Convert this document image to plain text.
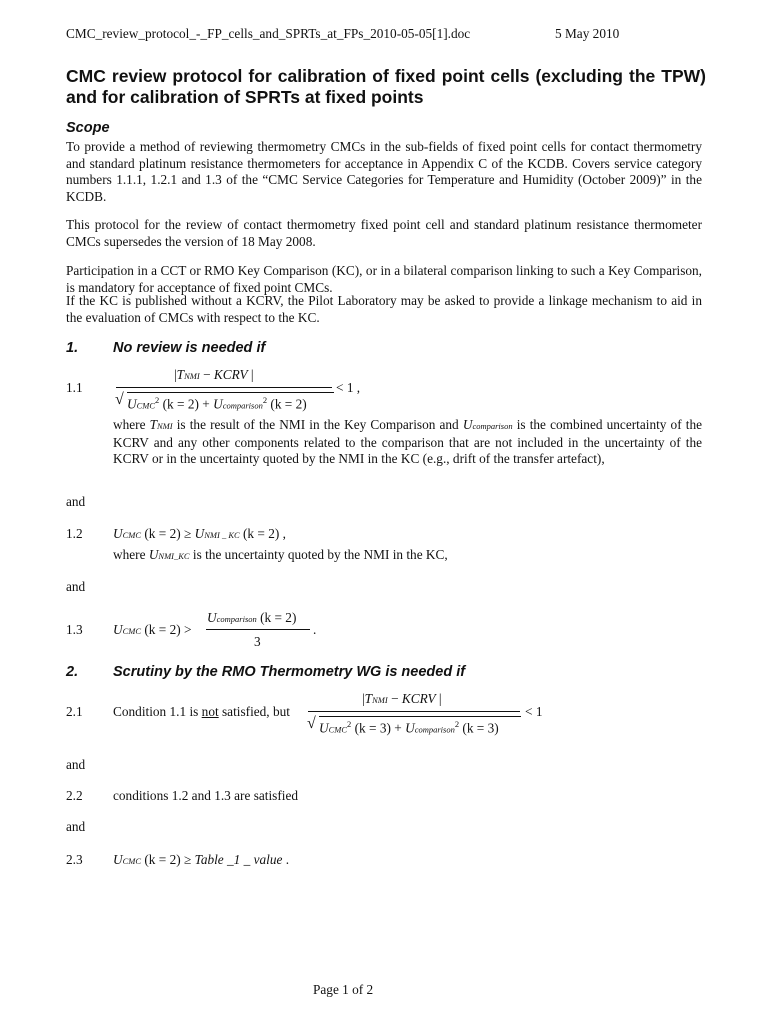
CMC_review_protocol_-_FP_cells_and_SPRTs_at_FPs_2010-05-05[1].doc	5 May 2010
CMC review protocol for calibration of fixed point cells (excluding the TPW) and for calibration of SPRTs at fixed points
Scope
To provide a method of reviewing thermometry CMCs in the sub-fields of fixed point cells for contact thermometry and standard platinum resistance thermometers for acceptance in Appendix C of the KCDB. Covers service category numbers 1.1.1, 1.2.1 and 1.3 of the “CMC Service Categories for Temperature and Humidity (October 2009)” in the KCDB.
This protocol for the review of contact thermometry fixed point cell and standard platinum resistance thermometer CMCs supersedes the version of 18 May 2008.
Participation in a CCT or RMO Key Comparison (KC), or in a bilateral comparison linking to such a Key Comparison, is mandatory for acceptance of fixed point CMCs.
If the KC is published without a KCRV, the Pilot Laboratory may be asked to provide a linkage mechanism to aid in the evaluation of CMCs with respect to the KC.
1. No review is needed if
1.1
|TNMI − KCRV |
√ UCMC$^2$ (k = 2) + Ucomparison$^2$ (k = 2)
< 1 ,
where TNMI is the result of the NMI in the Key Comparison and Ucomparison is the combined uncertainty of the KCRV and any other components related to the comparison that are not included in the uncertainty of the KCRV or in the uncertainty quoted by the NMI in the KC (e.g., drift of the transfer artefact),
and
1.2 UCMC (k = 2) ≥ UNMI _ KC (k = 2) ,
where UNMI_KC is the uncertainty quoted by the NMI in the KC,
and
1.3 UCMC (k = 2) >
Ucomparison (k = 2)
3
.
2. Scrutiny by the RMO Thermometry WG is needed if
2.1 Condition 1.1 is not satisfied, but
|TNMI − KCRV |
√ UCMC$^2$ (k = 3) + Ucomparison$^2$ (k = 3)
< 1
and
2.2 conditions 1.2 and 1.3 are satisfied
and
2.3 UCMC (k = 2) ≥ Table _1 _ value .
Page 1 of 2
